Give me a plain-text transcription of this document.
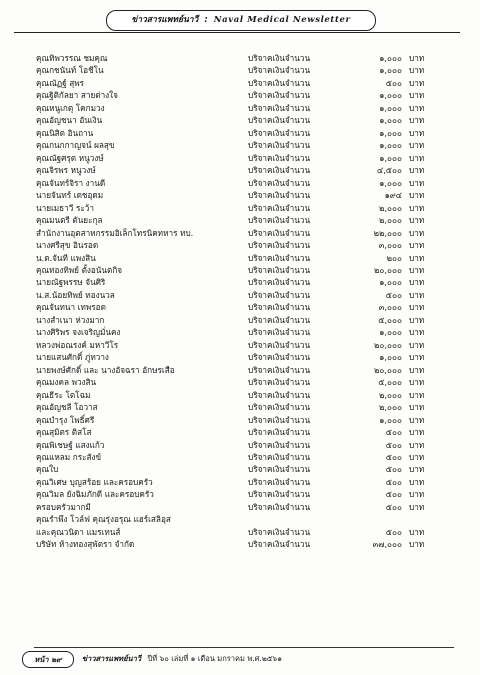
ข่าวสารแพทย์นาวี : Naval Medical Newsletter
คุณทิพวรรณ ชมคุณ	บริจาคเงินจำนวน	๑,๐๐๐ บาท
คุณกชนันท์ โอชีโน	บริจาคเงินจำนวน	๑,๐๐๐ บาท
คุณณัฏฐ์ สุพร	บริจาคเงินจำนวน	๕๐๐ บาท
คุณฐิติกัลยา สายต่างใจ	บริจาคเงินจำนวน	๑,๐๐๐ บาท
คุณหนูเกตุ โคกมวง	บริจาคเงินจำนวน	๑,๐๐๐ บาท
คุณอัญชนา อันเงิน	บริจาคเงินจำนวน	๑,๐๐๐ บาท
คุณนิสิต อินถาน	บริจาคเงินจำนวน	๑,๐๐๐ บาท
คุณกนกกาญจน์ ผลสุข	บริจาคเงินจำนวน	๑,๐๐๐ บาท
คุณณัฐศรุต หนูวงษ์	บริจาคเงินจำนวน	๑,๐๐๐ บาท
คุณจิรพร หนูวงษ์	บริจาคเงินจำนวน	๔,๕๐๐ บาท
คุณจันทร์จิรา งานดี	บริจาคเงินจำนวน	๑,๐๐๐ บาท
นายจันทร์ เดชอุดม	บริจาคเงินจำนวน	๑๙๔ บาท
นายเมธาวี ระว้า	บริจาคเงินจำนวน	๒,๐๐๐ บาท
คุณมนตรี ตันยะกุล	บริจาคเงินจำนวน	๒,๐๐๐ บาท
สำนักงานอุตสาหกรรมอิเล็กโทรนิคทหาร ทบ.	บริจาคเงินจำนวน	๒๒,๐๐๐ บาท
นางศรีสุข อินรอด	บริจาคเงินจำนวน	๓,๐๐๐ บาท
น.ต.จันที แพงสิน	บริจาคเงินจำนวน	๒๐๐ บาท
คุณทองทิพย์ ตั้งอนันตกิจ	บริจาคเงินจำนวน	๒๐,๐๐๐ บาท
นายณัฐพรรษ จันศิริ	บริจาคเงินจำนวน	๑,๐๐๐ บาท
น.ส.น้อยทิพย์ ทองนวล	บริจาคเงินจำนวน	๕๐๐ บาท
คุณจันทนา เทพรอด	บริจาคเงินจำนวน	๓,๐๐๐ บาท
นางสำเนา ห่วงมาก	บริจาคเงินจำนวน	๕,๐๐๐ บาท
นางศิริพร จงเจริญมั่นคง	บริจาคเงินจำนวน	๑,๐๐๐ บาท
หลวงพ่อณรงค์ มหาวีโร	บริจาคเงินจำนวน	๒๐,๐๐๐ บาท
นายแสนศักดิ์ ภู่ทวาง	บริจาคเงินจำนวน	๑,๐๐๐ บาท
นายพงษ์ศักดิ์ และ นางอัจฉรา อักษรเสือ	บริจาคเงินจำนวน	๒๐,๐๐๐ บาท
คุณมงคล พวงสิน	บริจาคเงินจำนวน	๕,๐๐๐ บาท
คุณธีระ โตโฉม	บริจาคเงินจำนวน	๒,๐๐๐ บาท
คุณอัญชลี โอวาส	บริจาคเงินจำนวน	๒,๐๐๐ บาท
คุณบำรุง โพธิ์ศรี	บริจาคเงินจำนวน	๑,๐๐๐ บาท
คุณสุมิตร ติสโส	บริจาคเงินจำนวน	๕๐๐ บาท
คุณพิเชษฐ์ แสงแก้ว	บริจาคเงินจำนวน	๕๐๐ บาท
คุณแหลม กระสังข์	บริจาคเงินจำนวน	๕๐๐ บาท
คุณใบ	บริจาคเงินจำนวน	๕๐๐ บาท
คุณวิเศษ บุญสร้อย และครอบครัว	บริจาคเงินจำนวน	๕๐๐ บาท
คุณวิมล ยังฉิมภักดี และครอบครัว	บริจาคเงินจำนวน	๕๐๐ บาท
ครอบครัวมากมี	บริจาคเงินจำนวน	๕๐๐ บาท
คุณรำพึง โวล์ฟ คุณรุ่งอรุณ แฮร์เสลิอุส
และคุณวนิดา แมรเทนส์	บริจาคเงินจำนวน	๕๐๐ บาท
บริษัท ห้างทองสุพัตรา จำกัด	บริจาคเงินจำนวน	๓๗,๐๐๐ บาท
หน้า ๒๙	ข่าวสารแพทย์นาวี ปีที่ ๖๐ เล่มที่ ๑ เดือน มกราคม พ.ศ.๒๕๖๑
